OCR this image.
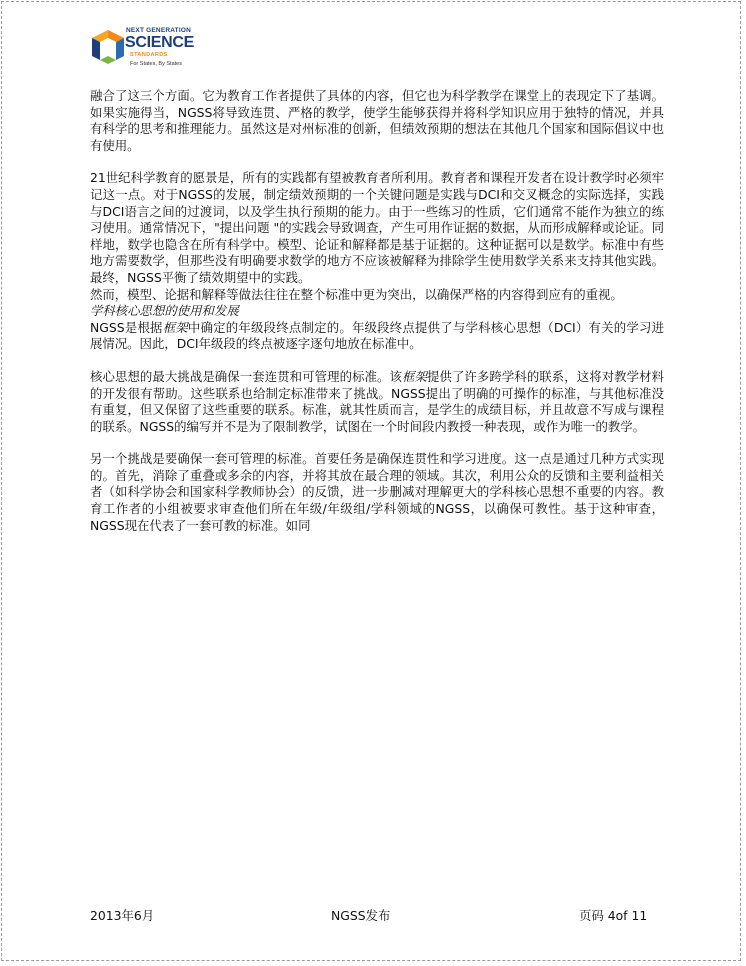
NEXT GENERATION
SCIENCE
STANDARDS
For States, By States

融合了这三个方面。它为教育工作者提供了具体的内容，但它也为科学教学在课堂上的表现定下了基调。如果实施得当，NGSS将导致连贯、严格的教学，使学生能够获得并将科学知识应用于独特的情况，并具有科学的思考和推理能力。虽然这是对州标准的创新，但绩效预期的想法在其他几个国家和国际倡议中也有使用。

21世纪科学教育的愿景是，所有的实践都有望被教育者所利用。教育者和课程开发者在设计教学时必须牢记这一点。对于NGSS的发展，制定绩效预期的一个关键问题是实践与DCI和交叉概念的实际选择，实践与DCI语言之间的过渡词，以及学生执行预期的能力。由于一些练习的性质，它们通常不能作为独立的练习使用。通常情况下，"提出问题 "的实践会导致调查，产生可用作证据的数据，从而形成解释或论证。同样地，数学也隐含在所有科学中。模型、论证和解释都是基于证据的。这种证据可以是数学。标准中有些地方需要数学，但那些没有明确要求数学的地方不应该被解释为排除学生使用数学关系来支持其他实践。最终，NGSS平衡了绩效期望中的实践。

然而，模型、论据和解释等做法往往在整个标准中更为突出，以确保严格的内容得到应有的重视。

学科核心思想的使用和发展

NGSS是根据框架中确定的年级段终点制定的。年级段终点提供了与学科核心思想（DCI）有关的学习进展情况。因此，DCI年级段的终点被逐字逐句地放在标准中。

核心思想的最大挑战是确保一套连贯和可管理的标准。该框架提供了许多跨学科的联系，这将对教学材料的开发很有帮助。这些联系也给制定标准带来了挑战。NGSS提出了明确的可操作的标准，与其他标准没有重复，但又保留了这些重要的联系。标准，就其性质而言，是学生的成绩目标，并且故意不写成与课程的联系。NGSS的编写并不是为了限制教学，试图在一个时间段内教授一种表现，或作为唯一的教学。

另一个挑战是要确保一套可管理的标准。首要任务是确保连贯性和学习进度。这一点是通过几种方式实现的。首先，消除了重叠或多余的内容，并将其放在最合理的领域。其次，利用公众的反馈和主要利益相关者（如科学协会和国家科学教师协会）的反馈，进一步删减对理解更大的学科核心思想不重要的内容。教育工作者的小组被要求审查他们所在年级/年级组/学科领域的NGSS，以确保可教性。基于这种审查，NGSS现在代表了一套可教的标准。如同

2013年6月	NGSS发布	页码 4of 11
